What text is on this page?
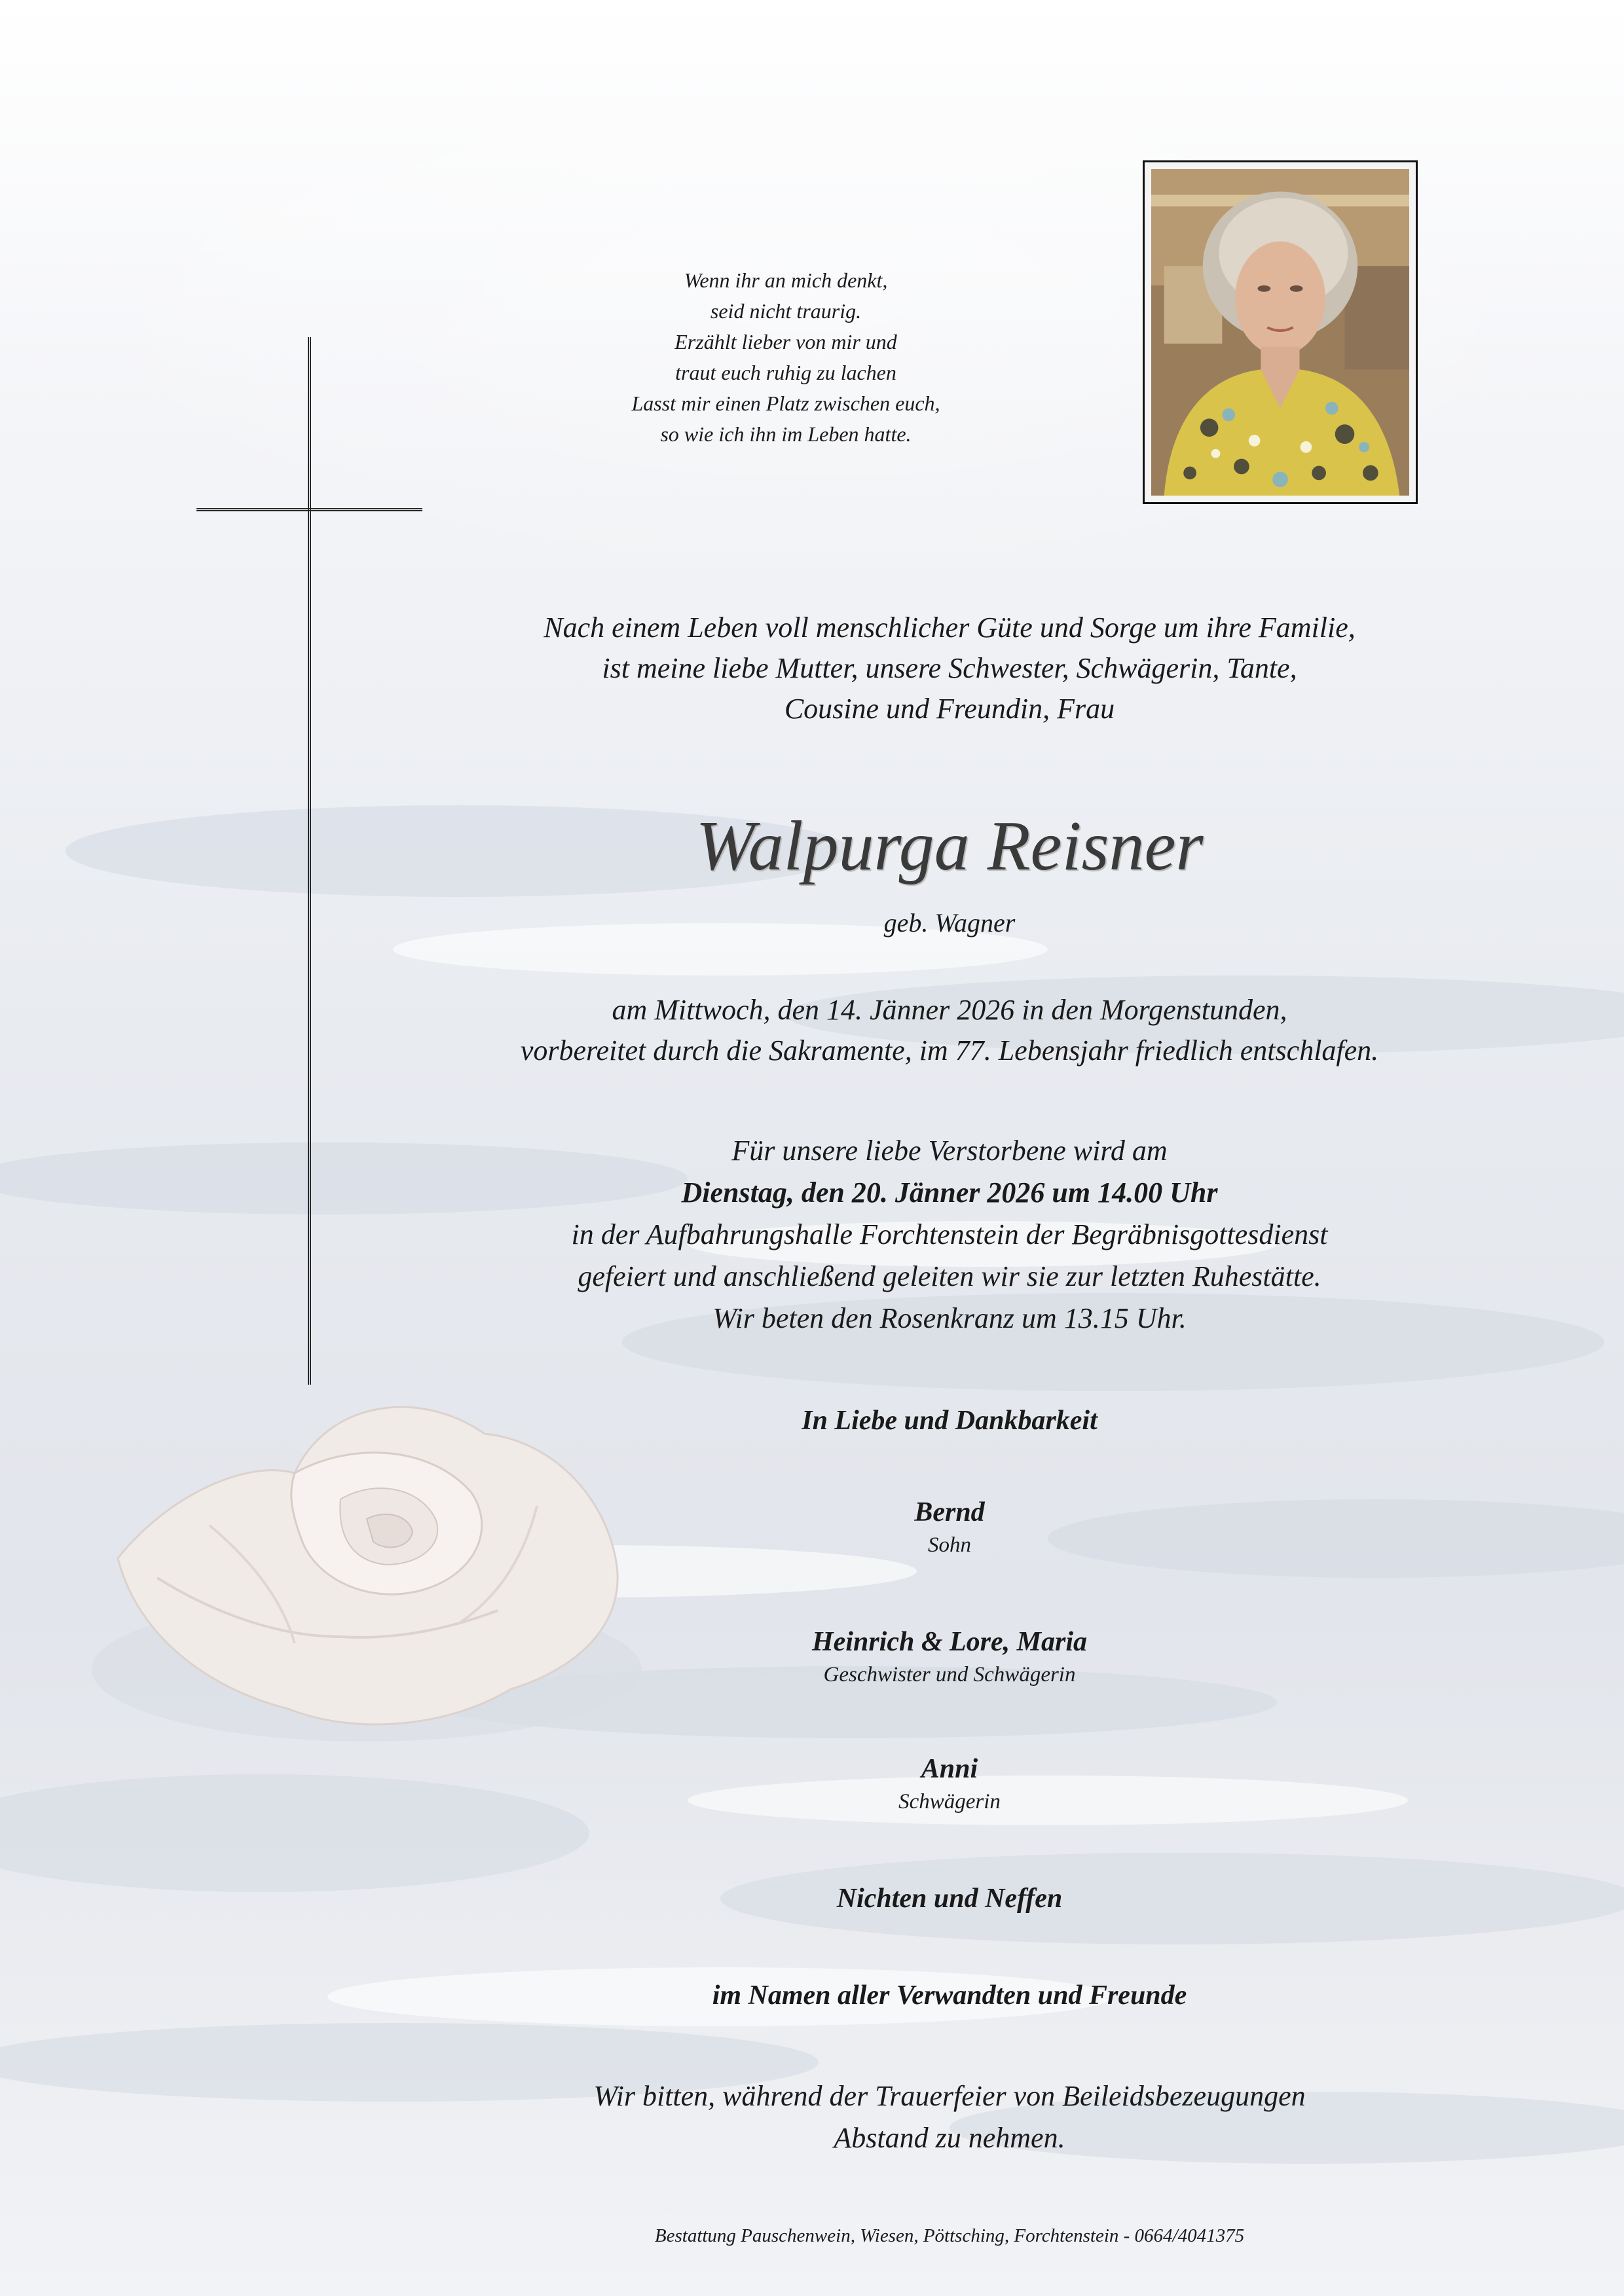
Wenn ihr an mich denkt,
seid nicht traurig.
Erzählt lieber von mir und
traut euch ruhig zu lachen
Lasst mir einen Platz zwischen euch,
so wie ich ihn im Leben hatte.
Nach einem Leben voll menschlicher Güte und Sorge um ihre Familie,
ist meine liebe Mutter, unsere Schwester, Schwägerin, Tante,
Cousine und Freundin, Frau
Walpurga Reisner
geb. Wagner
am Mittwoch, den 14. Jänner 2026 in den Morgenstunden,
vorbereitet durch die Sakramente, im 77. Lebensjahr friedlich entschlafen.
Für unsere liebe Verstorbene wird am
Dienstag, den 20. Jänner 2026 um 14.00 Uhr
in der Aufbahrungshalle Forchtenstein der Begräbnisgottesdienst
gefeiert und anschließend geleiten wir sie zur letzten Ruhestätte.
Wir beten den Rosenkranz um 13.15 Uhr.
In Liebe und Dankbarkeit
Bernd
Sohn
Heinrich & Lore, Maria
Geschwister und Schwägerin
Anni
Schwägerin
Nichten und Neffen
im Namen aller Verwandten und Freunde
Wir bitten, während der Trauerfeier von Beileidsbezeugungen
Abstand zu nehmen.
Bestattung Pauschenwein, Wiesen, Pöttsching, Forchtenstein - 0664/4041375
